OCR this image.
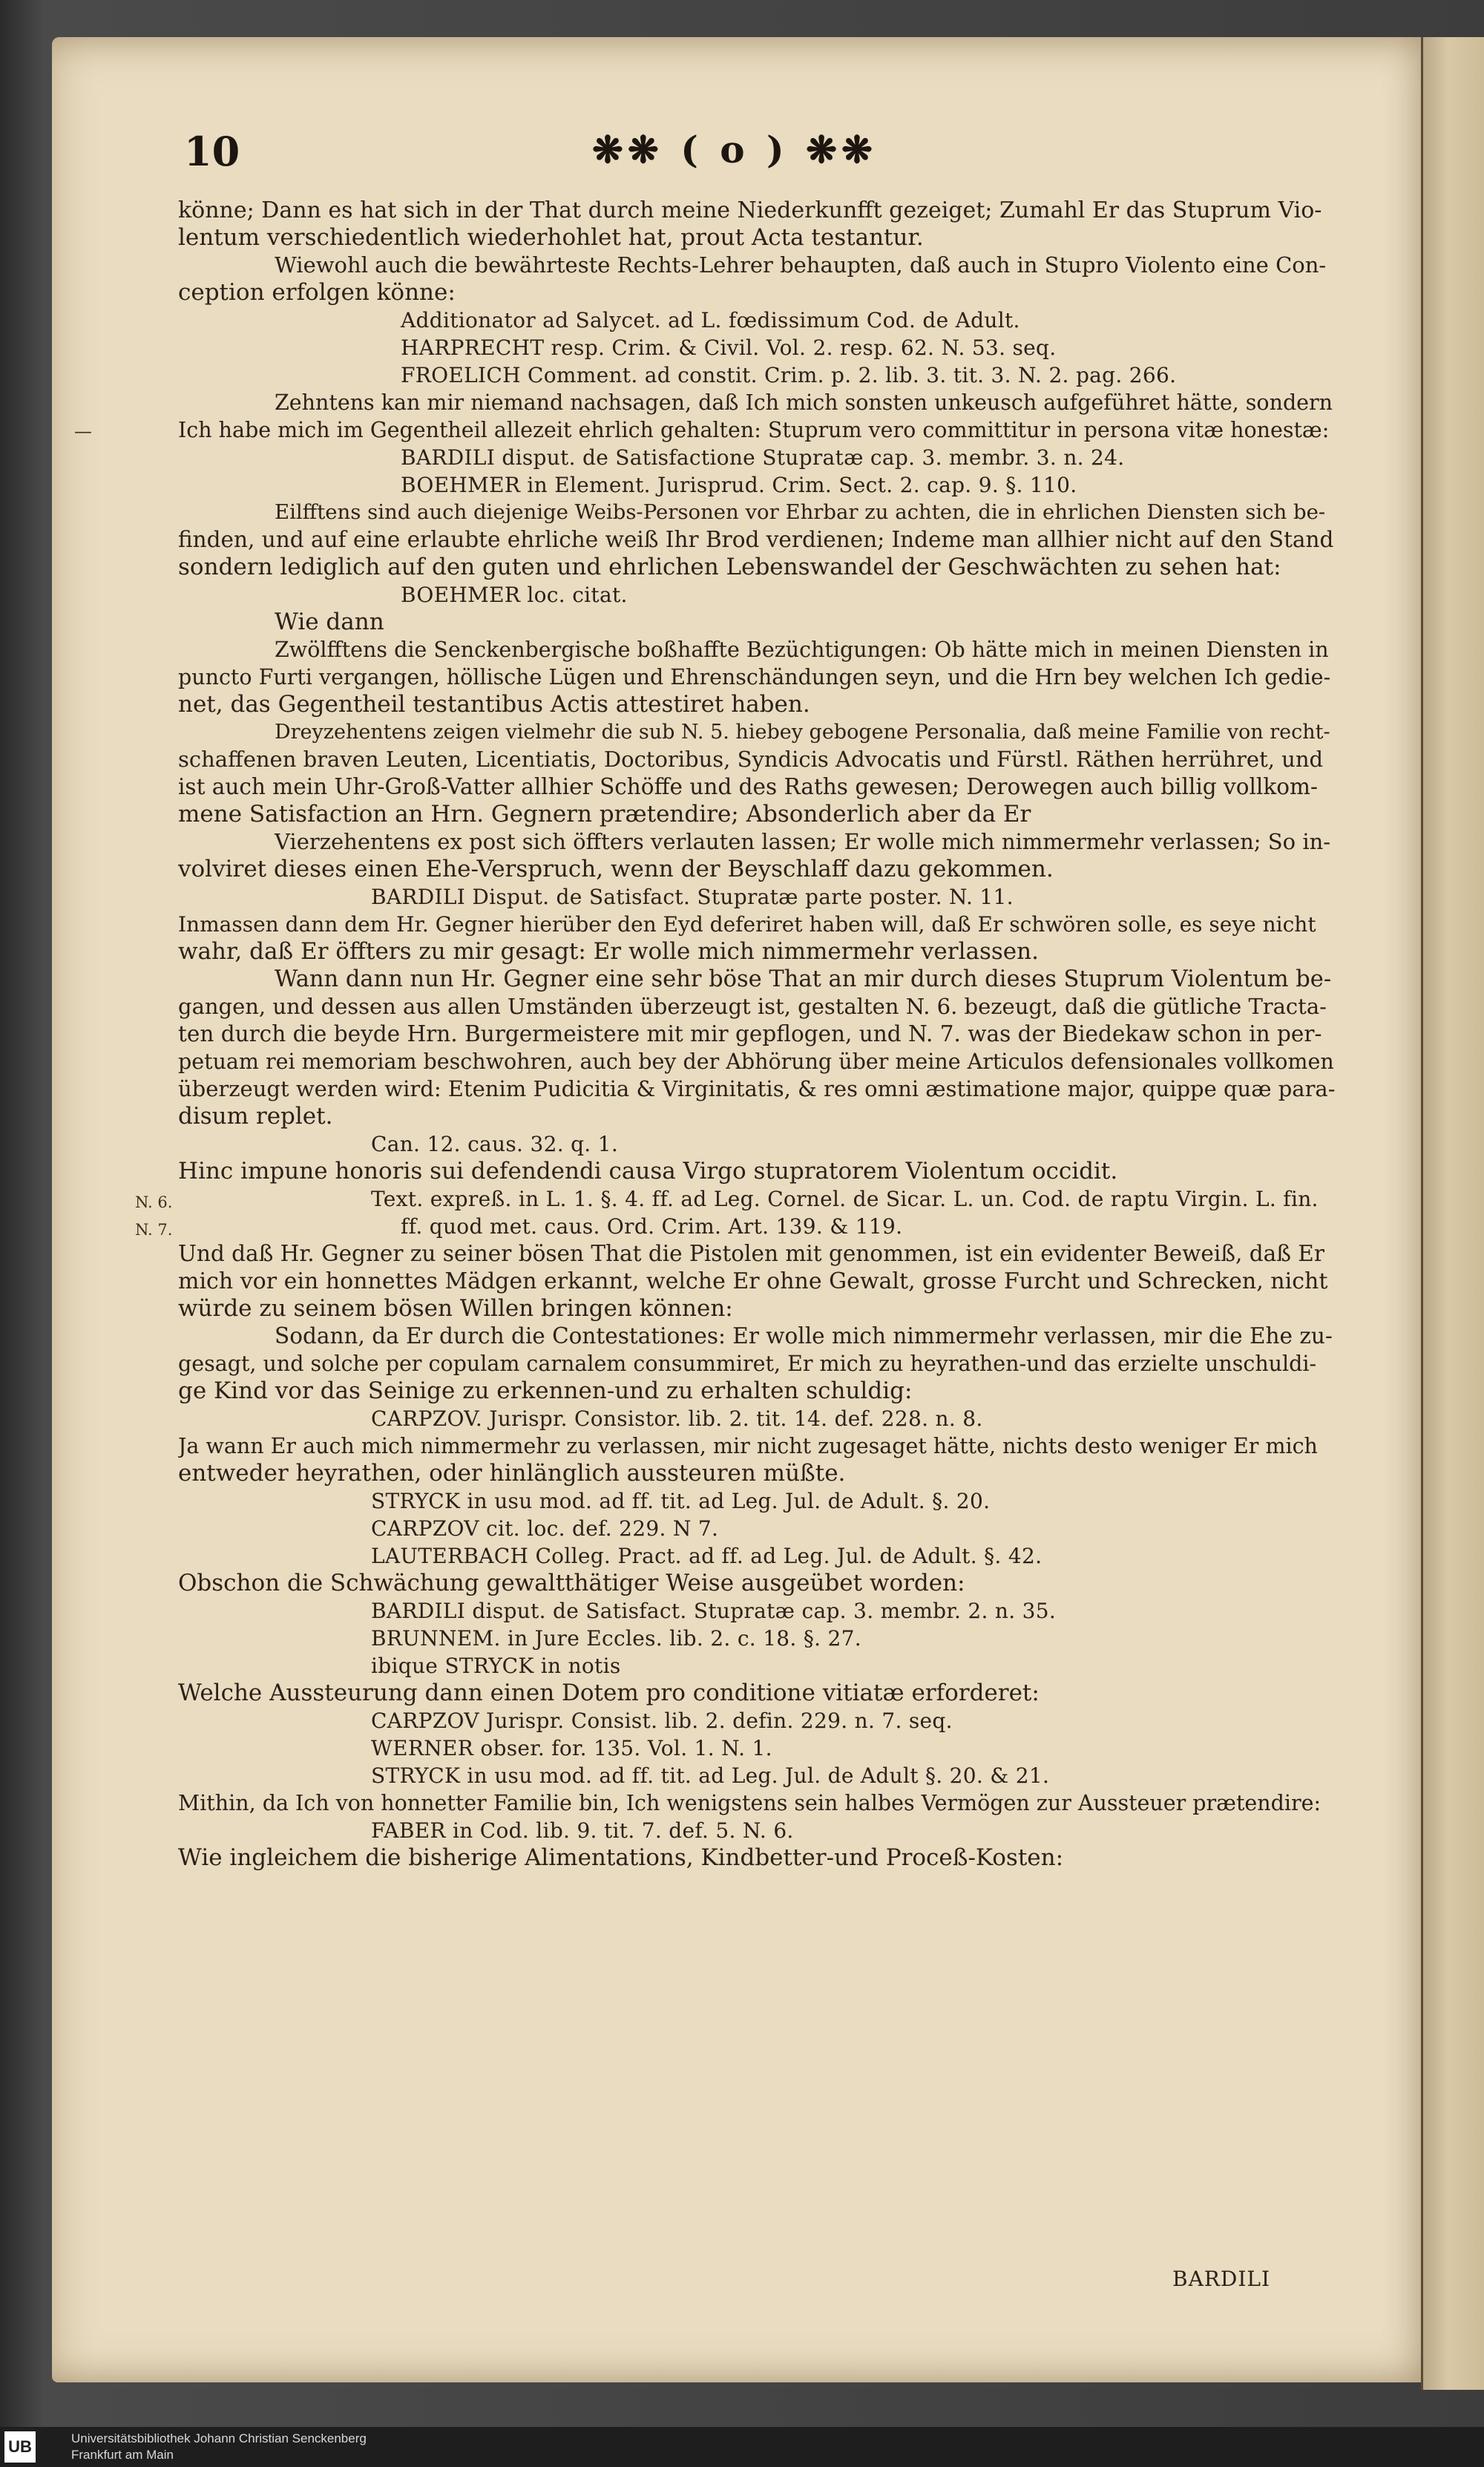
10	❋❋ ( o ) ❋❋
—
N. 6.
N. 7.

könne; Dann es hat sich in der That durch meine Niederkunfft gezeiget; Zumahl Er das Stuprum Vio-

lentum verschiedentlich wiederhohlet hat, prout Acta testantur.

Wiewohl auch die bewährteste Rechts-Lehrer behaupten, daß auch in Stupro Violento eine Con-

ception erfolgen könne:

Additionator ad Salycet. ad L. fœdissimum Cod. de Adult.

HARPRECHT resp. Crim. & Civil. Vol. 2. resp. 62. N. 53. seq.

FROELICH Comment. ad constit. Crim. p. 2. lib. 3. tit. 3. N. 2. pag. 266.

Zehntens kan mir niemand nachsagen, daß Ich mich sonsten unkeusch aufgeführet hätte, sondern

Ich habe mich im Gegentheil allezeit ehrlich gehalten: Stuprum vero committitur in persona vitæ honestæ:

BARDILI disput. de Satisfactione Stupratæ cap. 3. membr. 3. n. 24.

BOEHMER in Element. Jurisprud. Crim. Sect. 2. cap. 9. §. 110.

Eilfftens sind auch diejenige Weibs-Personen vor Ehrbar zu achten, die in ehrlichen Diensten sich be-

finden, und auf eine erlaubte ehrliche weiß Ihr Brod verdienen; Indeme man allhier nicht auf den Stand

sondern lediglich auf den guten und ehrlichen Lebenswandel der Geschwächten zu sehen hat:

BOEHMER loc. citat.

Wie dann

Zwölfftens die Senckenbergische boßhaffte Bezüchtigungen: Ob hätte mich in meinen Diensten in

puncto Furti vergangen, höllische Lügen und Ehrenschändungen seyn, und die Hrn bey welchen Ich gedie-

net, das Gegentheil testantibus Actis attestiret haben.

Dreyzehentens zeigen vielmehr die sub N. 5. hiebey gebogene Personalia, daß meine Familie von recht-

schaffenen braven Leuten, Licentiatis, Doctoribus, Syndicis Advocatis und Fürstl. Räthen herrühret, und

ist auch mein Uhr-Groß-Vatter allhier Schöffe und des Raths gewesen; Derowegen auch billig vollkom-

mene Satisfaction an Hrn. Gegnern prætendire; Absonderlich aber da Er

Vierzehentens ex post sich öffters verlauten lassen; Er wolle mich nimmermehr verlassen; So in-

volviret dieses einen Ehe-Verspruch, wenn der Beyschlaff dazu gekommen.

BARDILI Disput. de Satisfact. Stupratæ parte poster. N. 11.

Inmassen dann dem Hr. Gegner hierüber den Eyd deferiret haben will, daß Er schwören solle, es seye nicht

wahr, daß Er öffters zu mir gesagt: Er wolle mich nimmermehr verlassen.

Wann dann nun Hr. Gegner eine sehr böse That an mir durch dieses Stuprum Violentum be-

gangen, und dessen aus allen Umständen überzeugt ist, gestalten N. 6. bezeugt, daß die gütliche Tracta-

ten durch die beyde Hrn. Burgermeistere mit mir gepflogen, und N. 7. was der Biedekaw schon in per-

petuam rei memoriam beschwohren, auch bey der Abhörung über meine Articulos defensionales vollkomen

überzeugt werden wird: Etenim Pudicitia & Virginitatis, & res omni æstimatione major, quippe quæ para-

disum replet.

Can. 12. caus. 32. q. 1.

Hinc impune honoris sui defendendi causa Virgo stupratorem Violentum occidit.

Text. expreß. in L. 1. §. 4. ff. ad Leg. Cornel. de Sicar. L. un. Cod. de raptu Virgin. L. fin.

ff. quod met. caus. Ord. Crim. Art. 139. & 119.

Und daß Hr. Gegner zu seiner bösen That die Pistolen mit genommen, ist ein evidenter Beweiß, daß Er

mich vor ein honnettes Mädgen erkannt, welche Er ohne Gewalt, grosse Furcht und Schrecken, nicht

würde zu seinem bösen Willen bringen können:

Sodann, da Er durch die Contestationes: Er wolle mich nimmermehr verlassen, mir die Ehe zu-

gesagt, und solche per copulam carnalem consummiret, Er mich zu heyrathen-und das erzielte unschuldi-

ge Kind vor das Seinige zu erkennen-und zu erhalten schuldig:

CARPZOV. Jurispr. Consistor. lib. 2. tit. 14. def. 228. n. 8.

Ja wann Er auch mich nimmermehr zu verlassen, mir nicht zugesaget hätte, nichts desto weniger Er mich

entweder heyrathen, oder hinlänglich aussteuren müßte.

STRYCK in usu mod. ad ff. tit. ad Leg. Jul. de Adult. §. 20.

CARPZOV cit. loc. def. 229. N 7.

LAUTERBACH Colleg. Pract. ad ff. ad Leg. Jul. de Adult. §. 42.

Obschon die Schwächung gewaltthätiger Weise ausgeübet worden:

BARDILI disput. de Satisfact. Stupratæ cap. 3. membr. 2. n. 35.

BRUNNEM. in Jure Eccles. lib. 2. c. 18. §. 27.

ibique STRYCK in notis

Welche Aussteurung dann einen Dotem pro conditione vitiatæ erforderet:

CARPZOV Jurispr. Consist. lib. 2. defin. 229. n. 7. seq.

WERNER obser. for. 135. Vol. 1. N. 1.

STRYCK in usu mod. ad ff. tit. ad Leg. Jul. de Adult §. 20. & 21.

Mithin, da Ich von honnetter Familie bin, Ich wenigstens sein halbes Vermögen zur Aussteuer prætendire:

FABER in Cod. lib. 9. tit. 7. def. 5. N. 6.

Wie ingleichem die bisherige Alimentations, Kindbetter-und Proceß-Kosten:

BARDILI
UB	Universitätsbibliothek Johann Christian Senckenberg
Frankfurt am Main
